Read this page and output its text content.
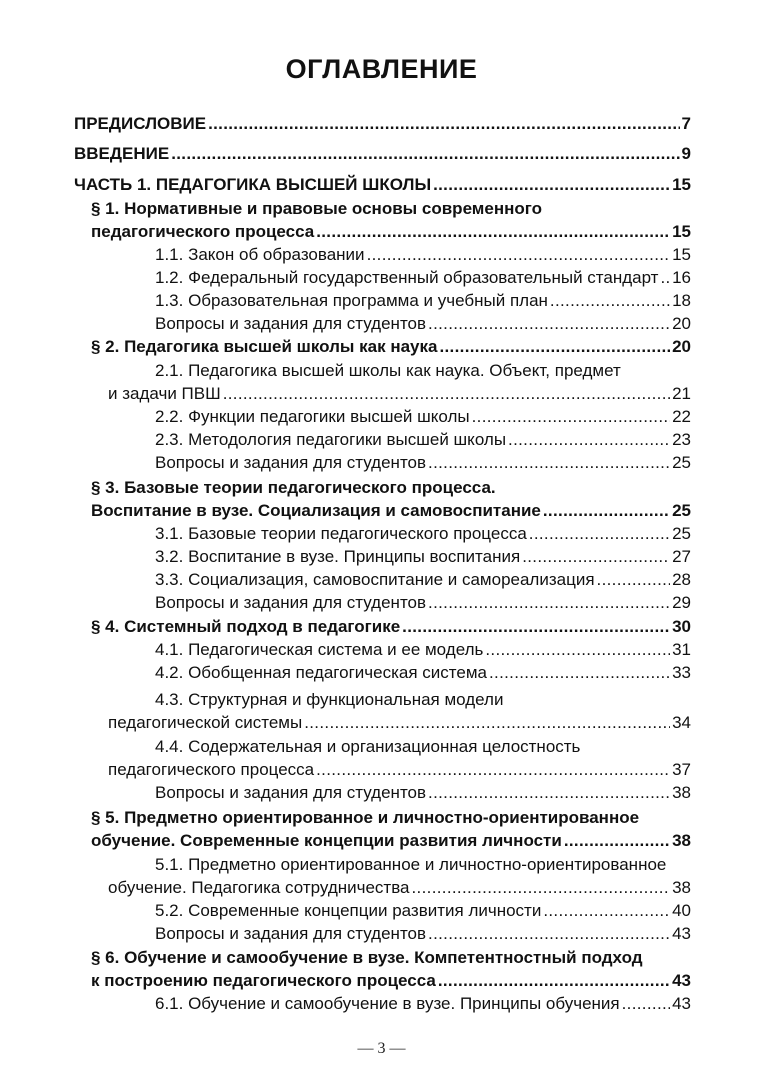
ОГЛАВЛЕНИЕ
ПРЕДИСЛОВИЕ . . .	7
ВВЕДЕНИЕ . . .	9
ЧАСТЬ 1. ПЕДАГОГИКА ВЫСШЕЙ ШКОЛЫ . . .	15
§ 1. Нормативные и правовые основы современного
педагогического процесса . . .	15
1.1. Закон об образовании . . .	15
1.2. Федеральный государственный образовательный стандарт . . . 16
1.3. Образовательная программа и учебный план . . .	18
Вопросы и задания для студентов . . .	20
§ 2. Педагогика высшей школы как наука . . .	20
2.1. Педагогика высшей школы как наука. Объект, предмет
и задачи ПВШ . . .	21
2.2. Функции педагогики высшей школы . . .	22
2.3. Методология педагогики высшей школы . . .	23
Вопросы и задания для студентов . . .	25
§ 3. Базовые теории педагогического процесса.
Воспитание в вузе. Социализация и самовоспитание . . .	25
3.1. Базовые теории педагогического процесса . . .	25
3.2. Воспитание в вузе. Принципы воспитания . . .	27
3.3. Социализация, самовоспитание и самореализация . . .	28
Вопросы и задания для студентов . . .	29
§ 4. Системный подход в педагогике . . .	30
4.1. Педагогическая система и ее модель . . .	31
4.2. Обобщенная педагогическая система . . .	33
4.3. Структурная и функциональная модели
педагогической системы . . .	34
4.4. Содержательная и организационная целостность
педагогического процесса . . .	37
Вопросы и задания для студентов . . .	38
§ 5. Предметно ориентированное и личностно-ориентированное
обучение. Современные концепции развития личности . . .	38
5.1. Предметно ориентированное и личностно-ориентированное
обучение. Педагогика сотрудничества . . .	38
5.2. Современные концепции развития личности . . .	40
Вопросы и задания для студентов . . .	43
§ 6. Обучение и самообучение в вузе. Компетентностный подход
к построению педагогического процесса . . .	43
6.1. Обучение и самообучение в вузе. Принципы обучения . . .	43
— 3 —
